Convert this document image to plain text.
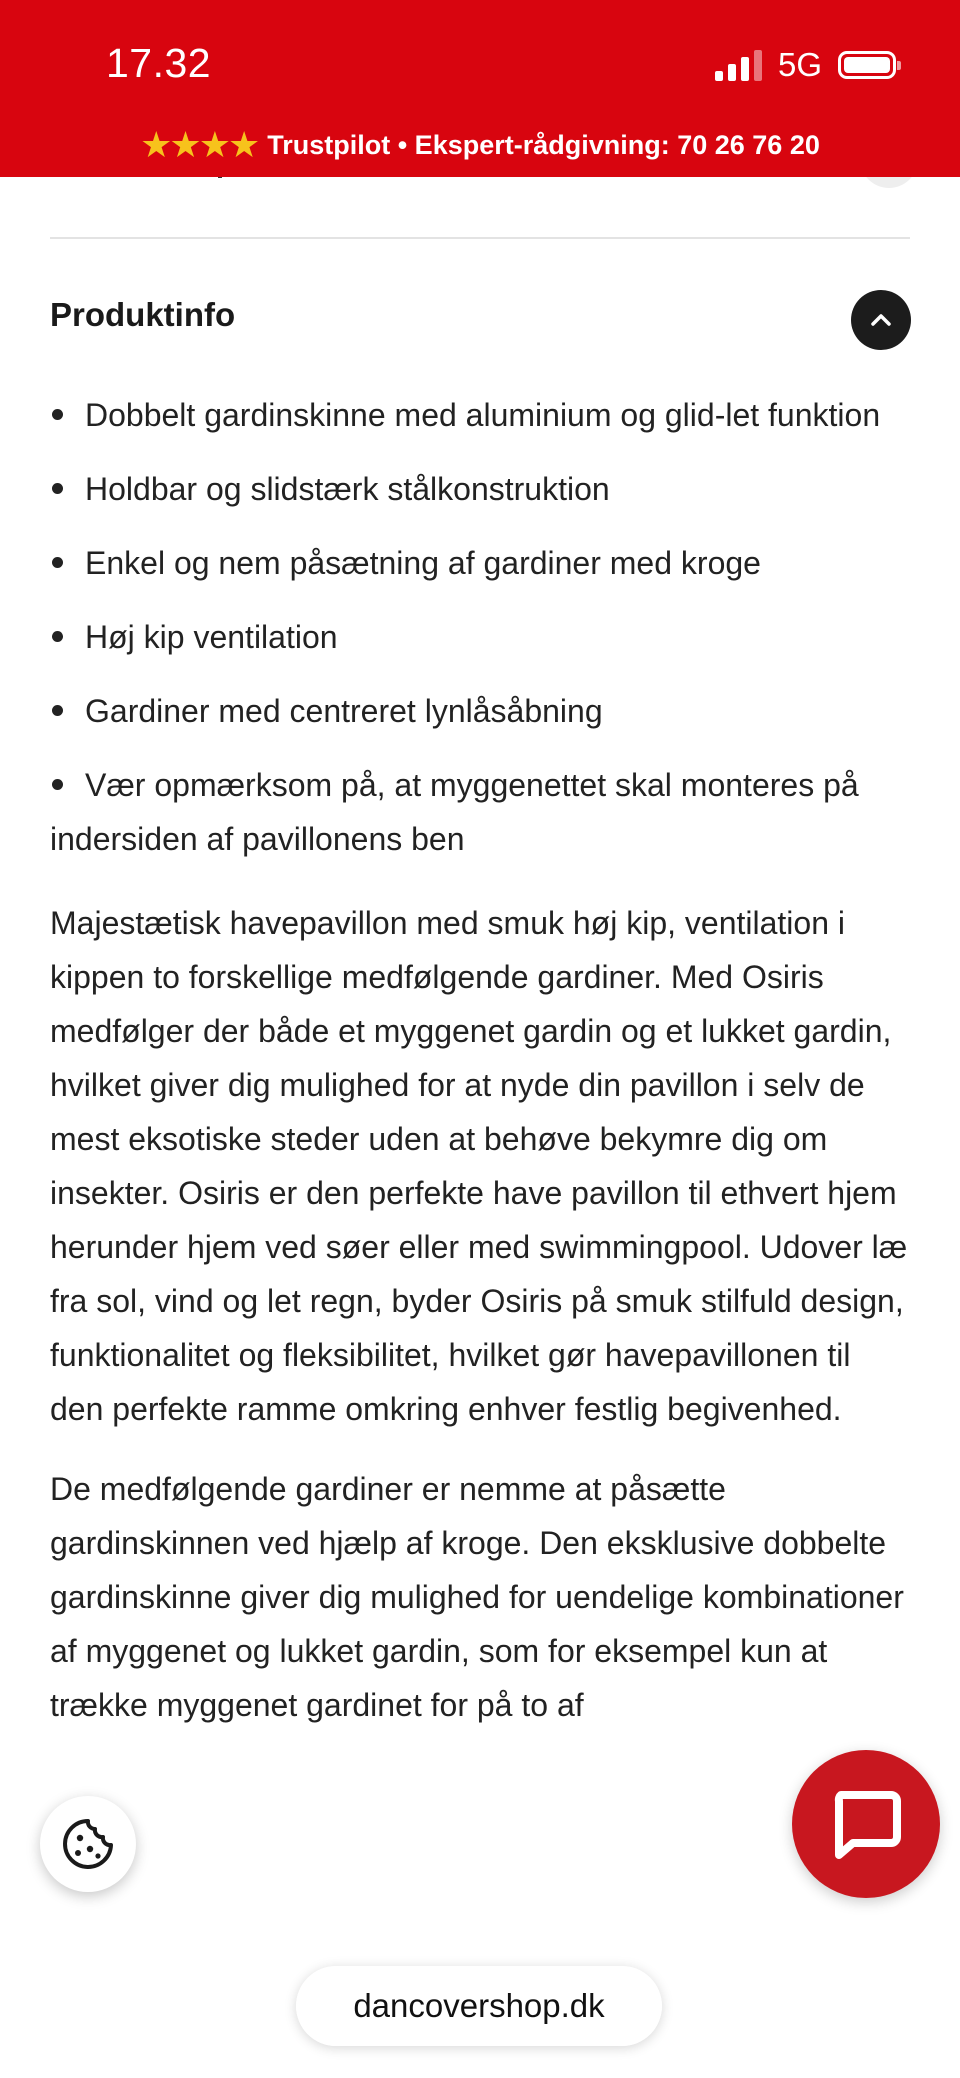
17.32	5G
★★★★ Trustpilot • Ekspert-rådgivning: 70 26 76 20
Produktinfo
Dobbelt gardinskinne med aluminium og glid-let funktion
Holdbar og slidstærk stålkonstruktion
Enkel og nem påsætning af gardiner med kroge
Høj kip ventilation
Gardiner med centreret lynlåsåbning
Vær opmærksom på, at myggenettet skal monteres på indersiden af pavillonens ben

Majestætisk havepavillon med smuk høj kip, ventilation i kippen to forskellige medfølgende gardiner. Med Osiris medfølger der både et myggenet gardin og et lukket gardin, hvilket giver dig mulighed for at nyde din pavillon i selv de mest eksotiske steder uden at behøve bekymre dig om insekter. Osiris er den perfekte have pavillon til ethvert hjem herunder hjem ved søer eller med swimmingpool. Udover læ fra sol, vind og let regn, byder Osiris på smuk stilfuld design, funktionalitet og fleksibilitet, hvilket gør havepavillonen til den perfekte ramme omkring enhver festlig begivenhed.

De medfølgende gardiner er nemme at påsætte gardinskinnen ved hjælp af kroge. Den eksklusive dobbelte gardinskinne giver dig mulighed for uendelige kombinationer af myggenet og lukket gardin, som for eksempel kun at trække myggenet gardinet for på to af

dancovershop.dk
